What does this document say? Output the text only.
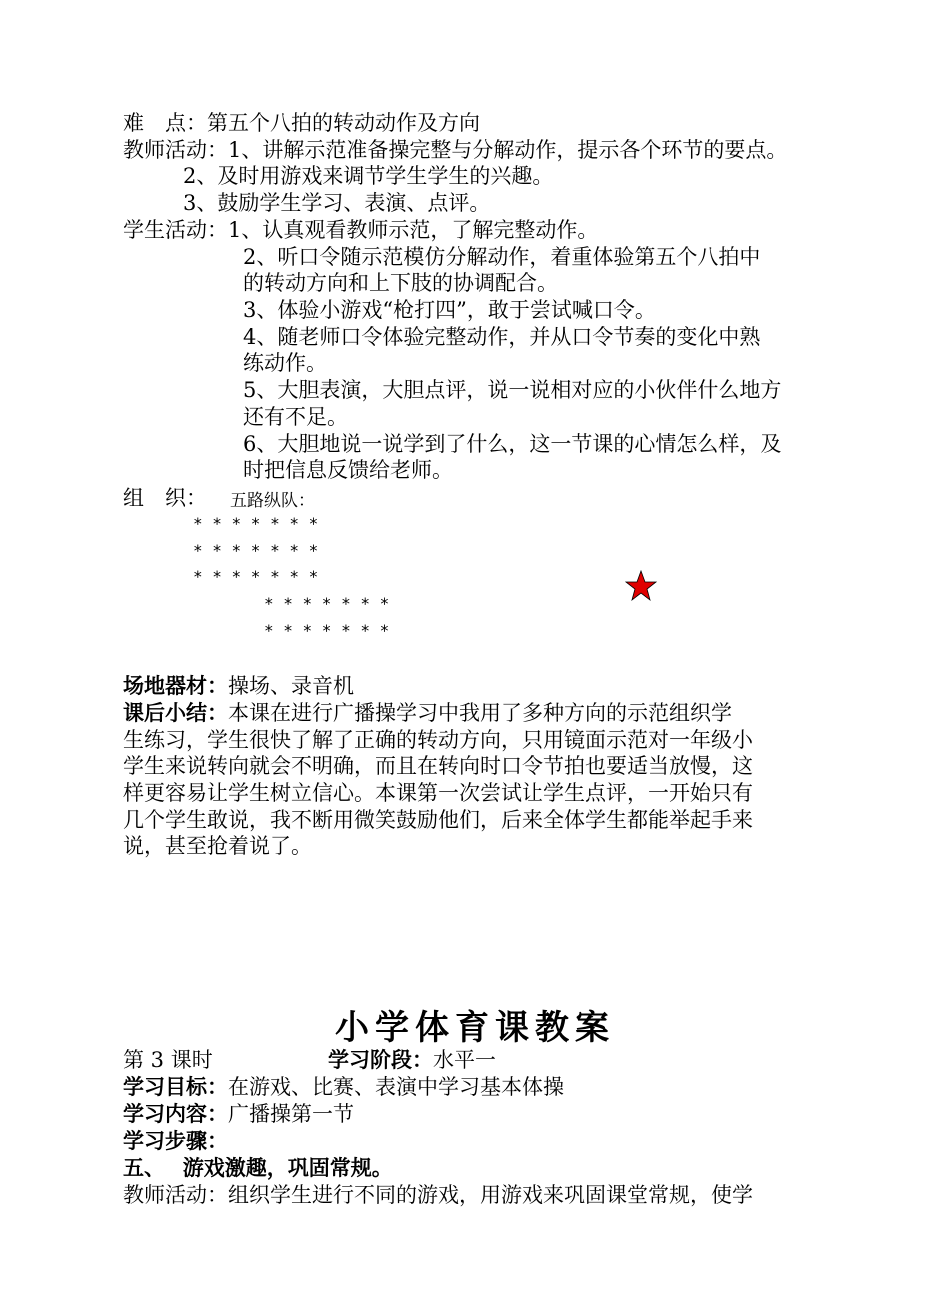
难　点：第五个八拍的转动动作及方向
教师活动：1、讲解示范准备操完整与分解动作，提示各个环节的要点。
2、及时用游戏来调节学生学生的兴趣。
3、鼓励学生学习、表演、点评。
学生活动：1、认真观看教师示范，了解完整动作。
2、听口令随示范模仿分解动作，着重体验第五个八拍中
的转动方向和上下肢的协调配合。
3、体验小游戏“枪打四”，敢于尝试喊口令。
4、随老师口令体验完整动作，并从口令节奏的变化中熟
练动作。
5、大胆表演，大胆点评，说一说相对应的小伙伴什么地方
还有不足。
6、大胆地说一说学到了什么，这一节课的心情怎么样，及
时把信息反馈给老师。
组　织： 五路纵队：
* * * * * * *
* * * * * * *
* * * * * * *
* * * * * * *
* * * * * * *
场地器材：操场、录音机
课后小结：本课在进行广播操学习中我用了多种方向的示范组织学
生练习，学生很快了解了正确的转动方向，只用镜面示范对一年级小
学生来说转向就会不明确，而且在转向时口令节拍也要适当放慢，这
样更容易让学生树立信心。本课第一次尝试让学生点评，一开始只有
几个学生敢说，我不断用微笑鼓励他们，后来全体学生都能举起手来
说，甚至抢着说了。
小学体育课教案
第 3 课时	学习阶段：水平一
学习目标：在游戏、比赛、表演中学习基本体操
学习内容：广播操第一节
学习步骤：
五、　 游戏激趣，巩固常规。
教师活动：组织学生进行不同的游戏，用游戏来巩固课堂常规，使学
